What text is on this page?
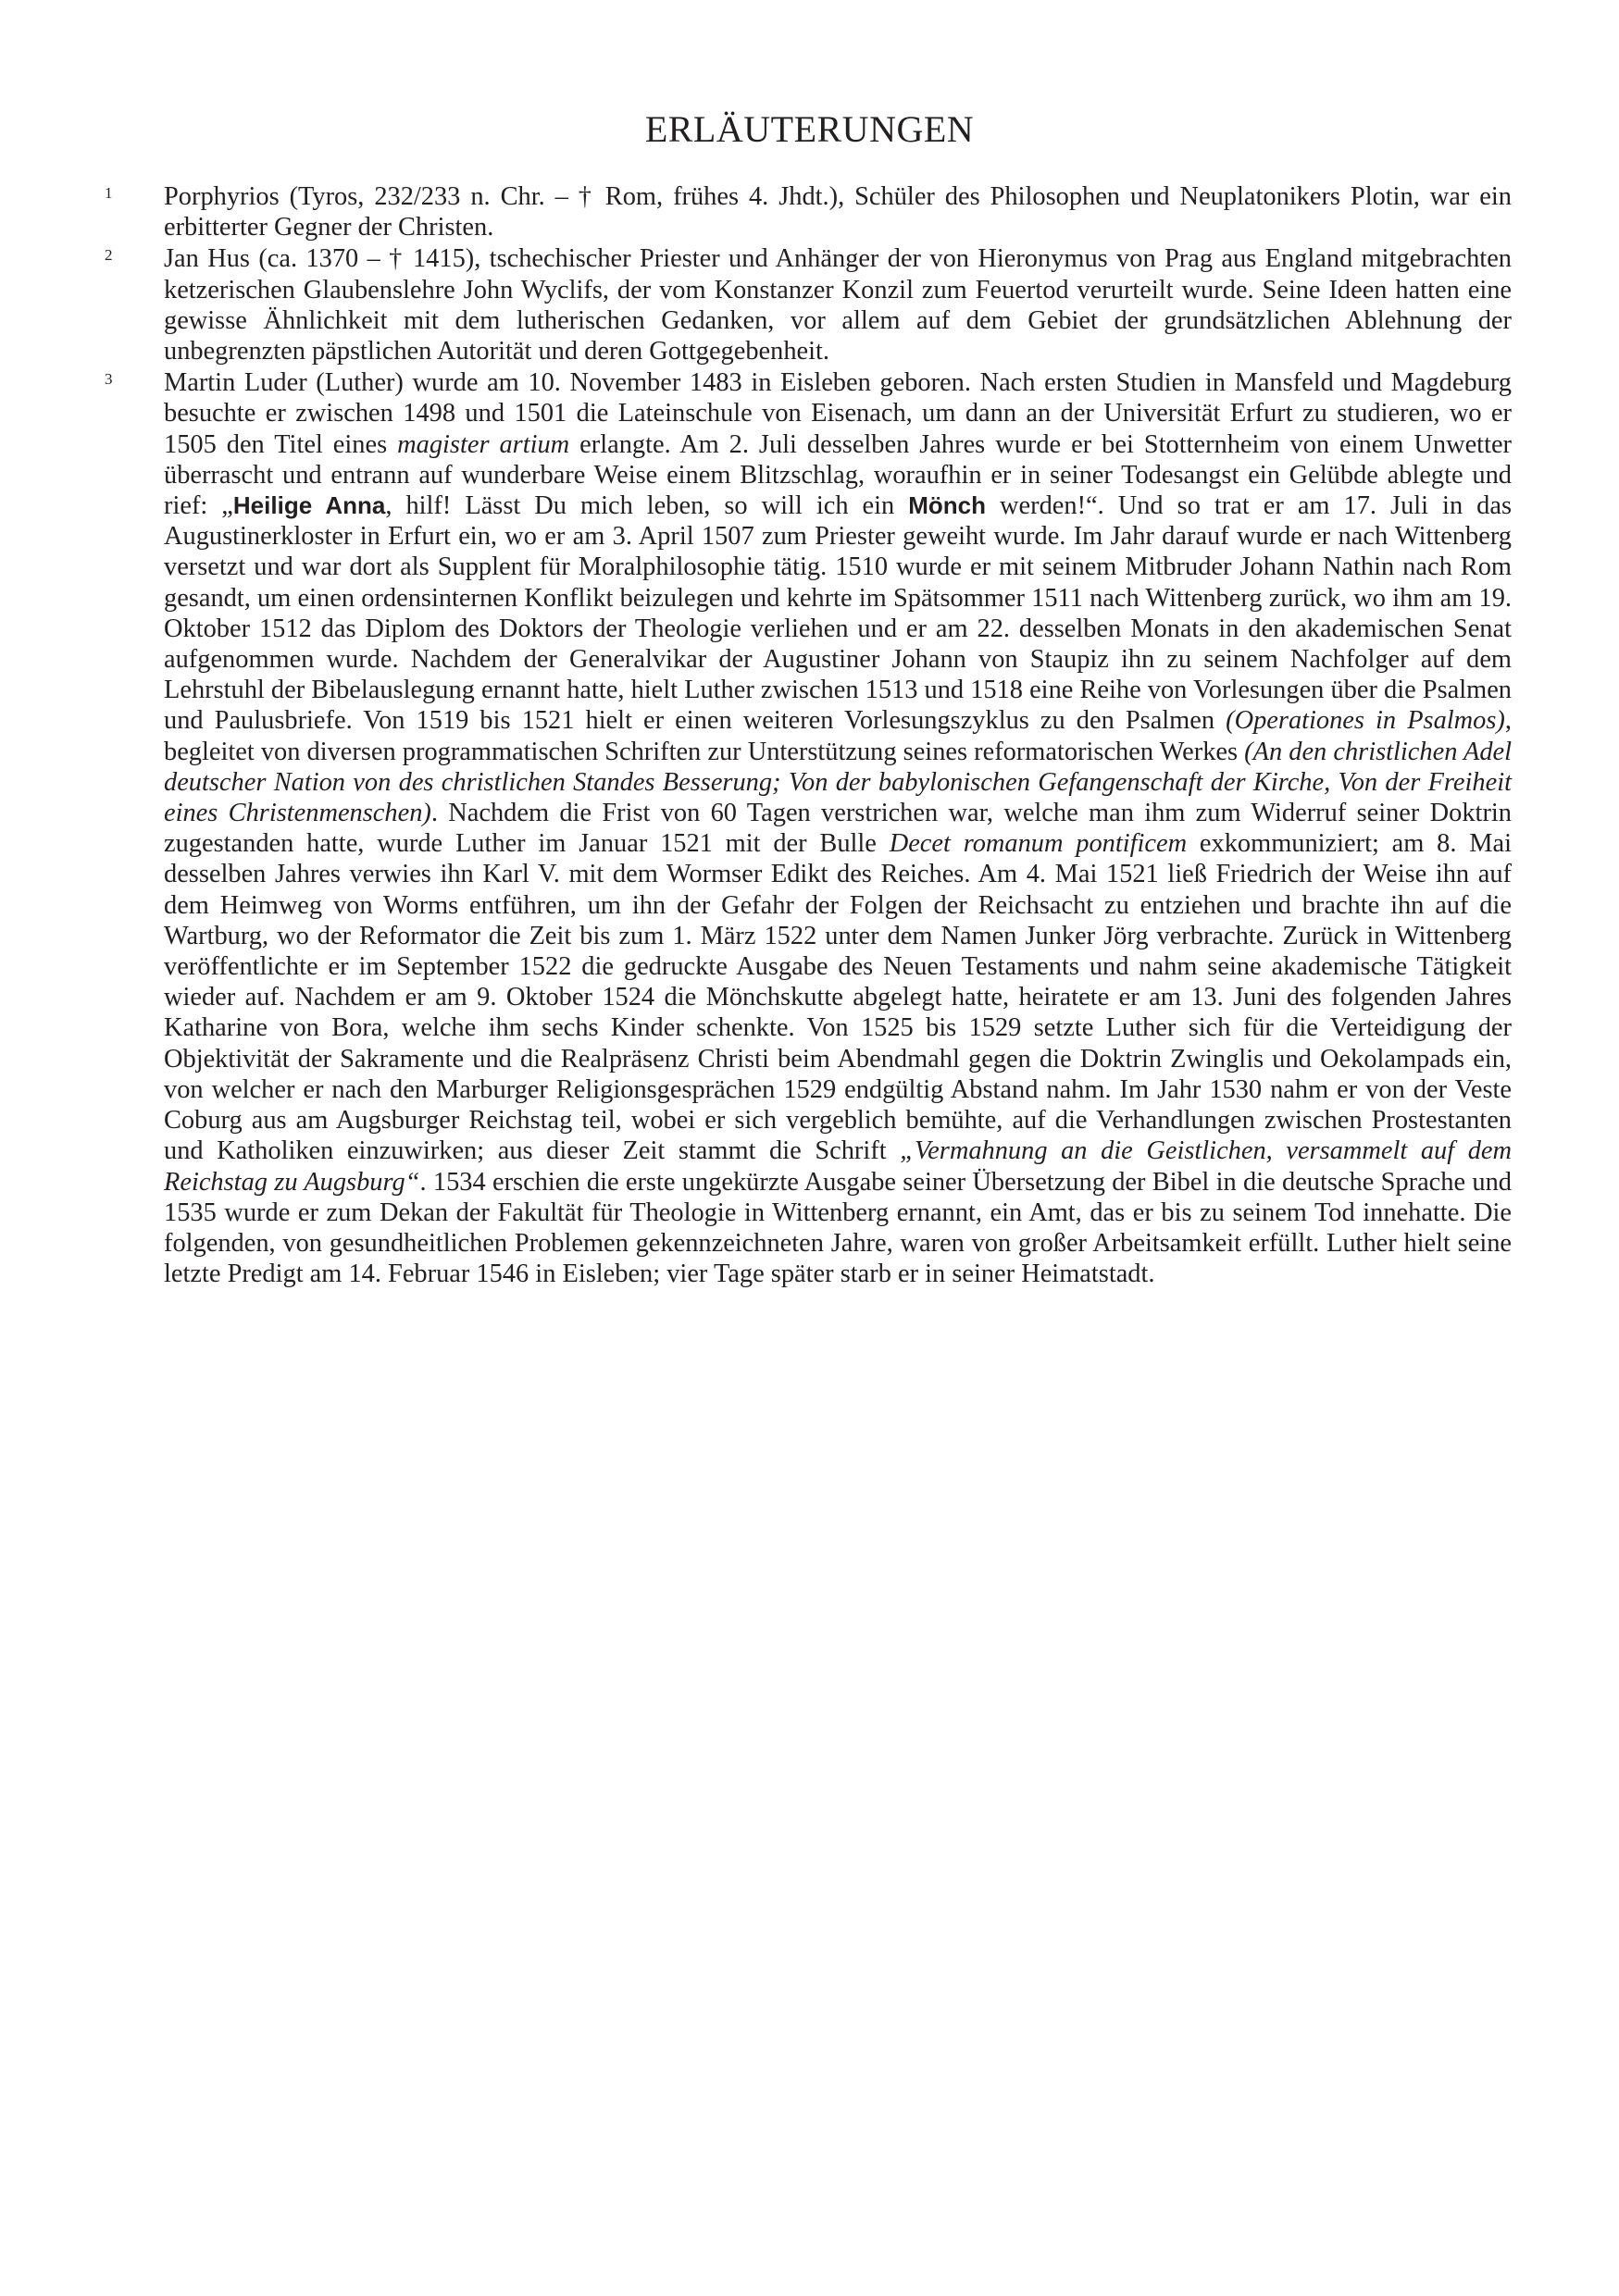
ERLÄUTERUNGEN
1 Porphyrios (Tyros, 232/233 n. Chr. – † Rom, frühes 4. Jhdt.), Schüler des Philosophen und Neuplatonikers Plotin, war ein erbitterter Gegner der Christen.

2 Jan Hus (ca. 1370 – † 1415), tschechischer Priester und Anhänger der von Hieronymus von Prag aus England mitgebrachten ketzerischen Glaubenslehre John Wyclifs, der vom Konstanzer Konzil zum Feuertod verurteilt wurde. Seine Ideen hatten eine gewisse Ähnlichkeit mit dem lutherischen Gedanken, vor allem auf dem Gebiet der grundsätzlichen Ablehnung der unbegrenzten päpstlichen Autorität und deren Gottgegebenheit.

3 Martin Luder (Luther) wurde am 10. November 1483 in Eisleben geboren. Nach ersten Studien in Mansfeld und Magdeburg besuchte er zwischen 1498 und 1501 die Lateinschule von Eisenach, um dann an der Universität Erfurt zu studieren, wo er 1505 den Titel eines magister artium erlangte. Am 2. Juli desselben Jahres wurde er bei Stotternheim von einem Unwetter überrascht und entrann auf wunderbare Weise einem Blitzschlag, woraufhin er in seiner Todesangst ein Gelübde ablegte und rief: „Heilige Anna, hilf! Lässt Du mich leben, so will ich ein Mönch werden!“. Und so trat er am 17. Juli in das Augustinerkloster in Erfurt ein, wo er am 3. April 1507 zum Priester geweiht wurde. Im Jahr darauf wurde er nach Wittenberg versetzt und war dort als Supplent für Moralphilosophie tätig. 1510 wurde er mit seinem Mitbruder Johann Nathin nach Rom gesandt, um einen ordensinternen Konflikt beizulegen und kehrte im Spätsommer 1511 nach Wittenberg zurück, wo ihm am 19. Oktober 1512 das Diplom des Doktors der Theologie verliehen und er am 22. desselben Monats in den akademischen Senat aufgenommen wurde. Nachdem der Generalvikar der Augustiner Johann von Staupiz ihn zu seinem Nachfolger auf dem Lehrstuhl der Bibelauslegung ernannt hatte, hielt Luther zwischen 1513 und 1518 eine Reihe von Vorlesungen über die Psalmen und Paulusbriefe. Von 1519 bis 1521 hielt er einen weiteren Vorlesungszyklus zu den Psalmen (Operationes in Psalmos), begleitet von diversen programmatischen Schriften zur Unterstützung seines reformatorischen Werkes (An den christlichen Adel deutscher Nation von des christlichen Standes Besserung; Von der babylonischen Gefangenschaft der Kirche, Von der Freiheit eines Christenmenschen). Nachdem die Frist von 60 Tagen verstrichen war, welche man ihm zum Widerruf seiner Doktrin zugestanden hatte, wurde Luther im Januar 1521 mit der Bulle Decet romanum pontificem exkommuniziert; am 8. Mai desselben Jahres verwies ihn Karl V. mit dem Wormser Edikt des Reiches. Am 4. Mai 1521 ließ Friedrich der Weise ihn auf dem Heimweg von Worms entführen, um ihn der Gefahr der Folgen der Reichsacht zu entziehen und brachte ihn auf die Wartburg, wo der Reformator die Zeit bis zum 1. März 1522 unter dem Namen Junker Jörg verbrachte. Zurück in Wittenberg veröffentlichte er im September 1522 die gedruckte Ausgabe des Neuen Testaments und nahm seine akademische Tätigkeit wieder auf. Nachdem er am 9. Oktober 1524 die Mönchskutte abgelegt hatte, heiratete er am 13. Juni des folgenden Jahres Katharine von Bora, welche ihm sechs Kinder schenkte. Von 1525 bis 1529 setzte Luther sich für die Verteidigung der Objektivität der Sakramente und die Realpräsenz Christi beim Abendmahl gegen die Doktrin Zwinglis und Oekolampads ein, von welcher er nach den Marburger Religionsgesprächen 1529 endgültig Abstand nahm. Im Jahr 1530 nahm er von der Veste Coburg aus am Augsburger Reichstag teil, wobei er sich vergeblich bemühte, auf die Verhandlungen zwischen Prostestanten und Katholiken einzuwirken; aus dieser Zeit stammt die Schrift „Vermahnung an die Geistlichen, versammelt auf dem Reichstag zu Augsburg“. 1534 erschien die erste ungekürzte Ausgabe seiner Übersetzung der Bibel in die deutsche Sprache und 1535 wurde er zum Dekan der Fakultät für Theologie in Wittenberg ernannt, ein Amt, das er bis zu seinem Tod innehatte. Die folgenden, von gesundheitlichen Problemen gekennzeichneten Jahre, waren von großer Arbeitsamkeit erfüllt. Luther hielt seine letzte Predigt am 14. Februar 1546 in Eisleben; vier Tage später starb er in seiner Heimatstadt.
